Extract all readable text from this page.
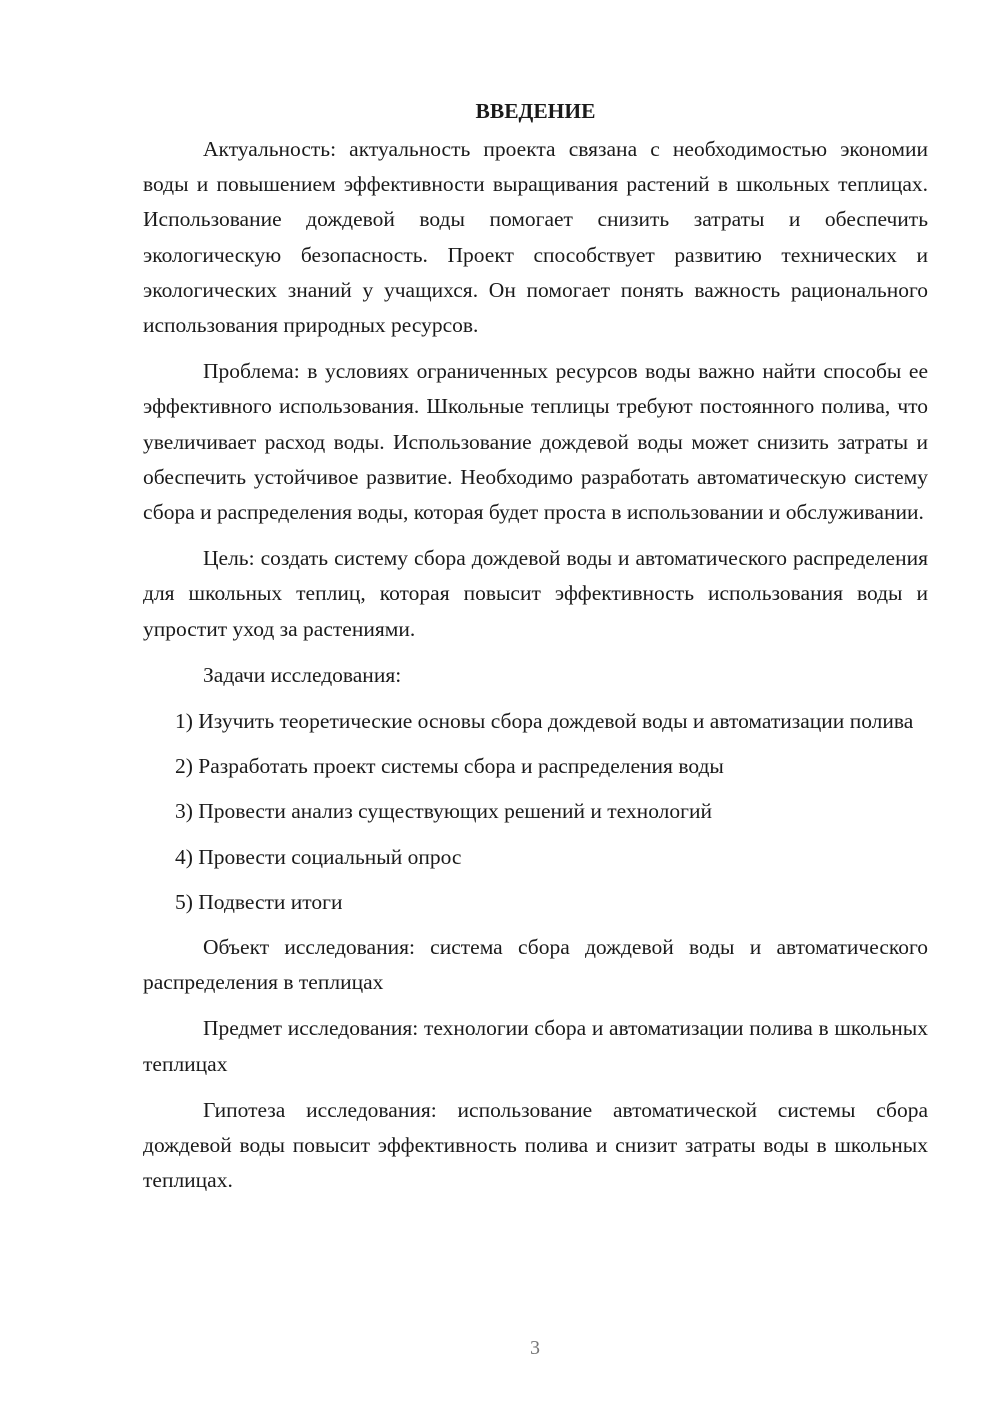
ВВЕДЕНИЕ

Актуальность: актуальность проекта связана с необходимостью экономии воды и повышением эффективности выращивания растений в школьных теплицах. Использование дождевой воды помогает снизить затраты и обеспечить экологическую безопасность. Проект способствует развитию технических и экологических знаний у учащихся. Он помогает понять важность рационального использования природных ресурсов.

Проблема: в условиях ограниченных ресурсов воды важно найти способы ее эффективного использования. Школьные теплицы требуют постоянного полива, что увеличивает расход воды. Использование дождевой воды может снизить затраты и обеспечить устойчивое развитие. Необходимо разработать автоматическую систему сбора и распределения воды, которая будет проста в использовании и обслуживании.

Цель: создать систему сбора дождевой воды и автоматического распределения для школьных теплиц, которая повысит эффективность использования воды и упростит уход за растениями.

Задачи исследования:

1) Изучить теоретические основы сбора дождевой воды и автоматизации полива

2) Разработать проект системы сбора и распределения воды

3) Провести анализ существующих решений и технологий

4) Провести социальный опрос

5) Подвести итоги

Объект исследования: система сбора дождевой воды и автоматического распределения в теплицах

Предмет исследования: технологии сбора и автоматизации полива в школьных теплицах

Гипотеза исследования: использование автоматической системы сбора дождевой воды повысит эффективность полива и снизит затраты воды в школьных теплицах.

3
